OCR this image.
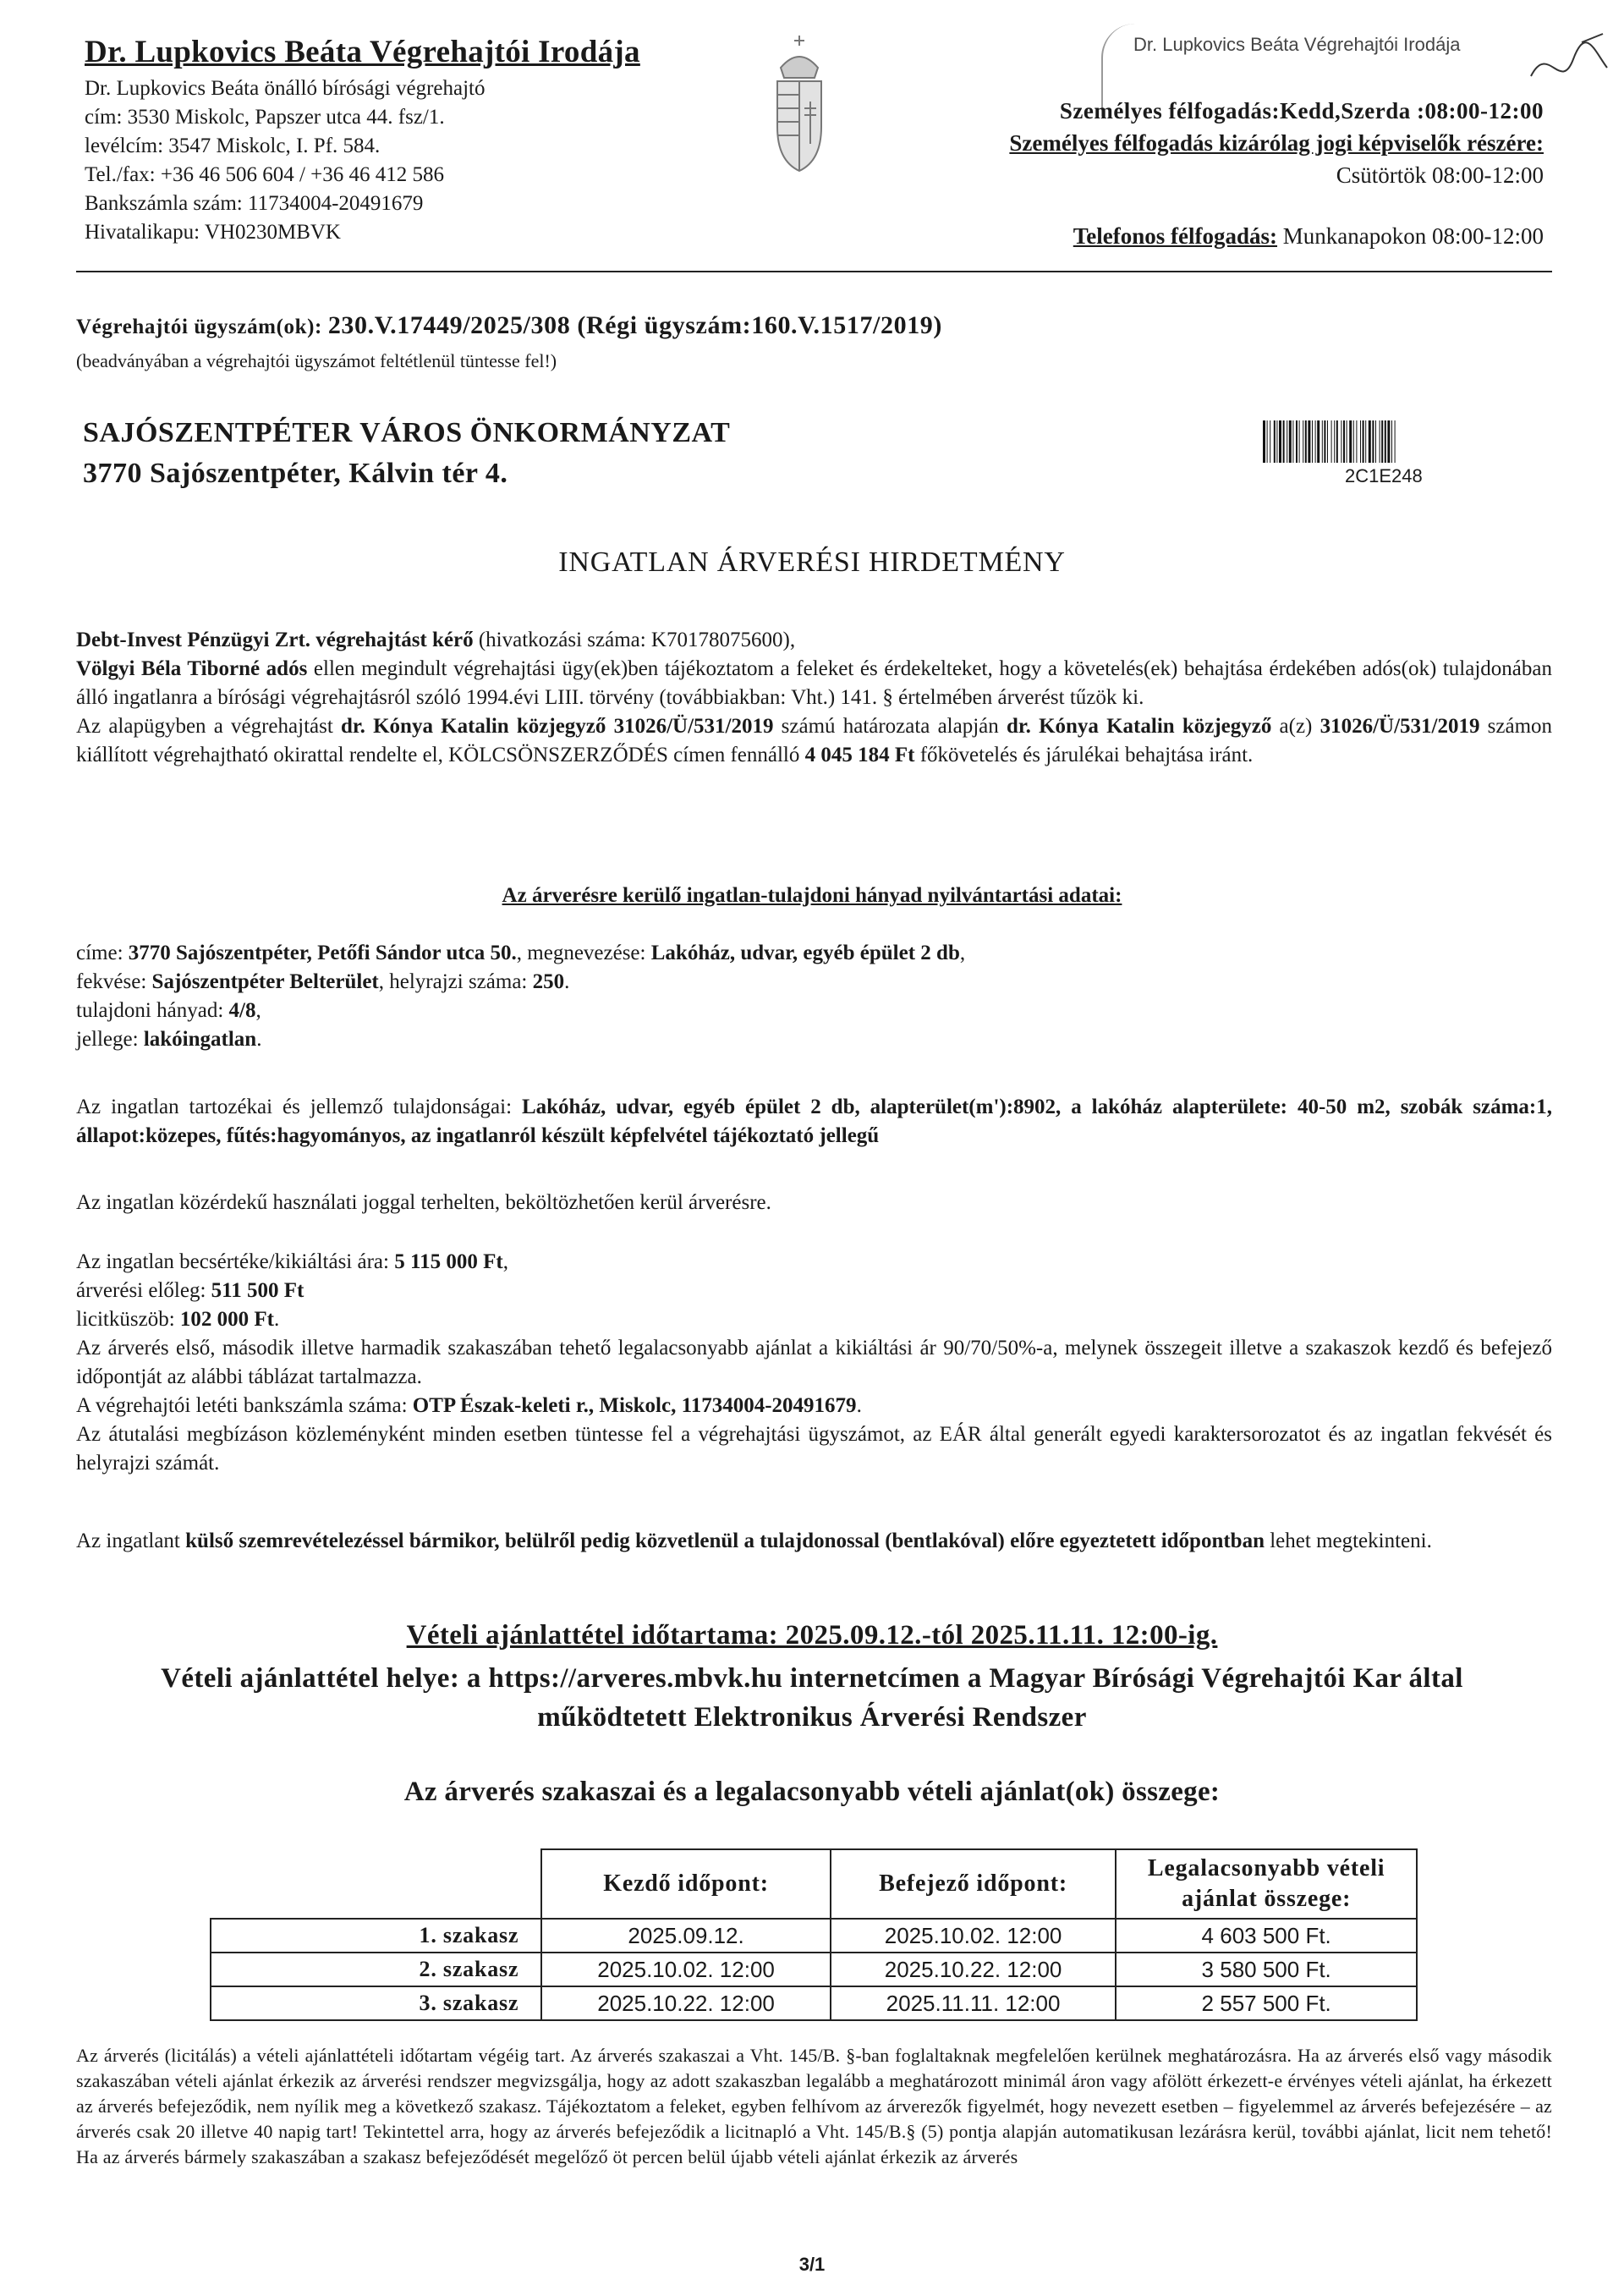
Dr. Lupkovics Beáta Végrehajtói Irodája
Dr. Lupkovics Beáta önálló bírósági végrehajtó
cím: 3530 Miskolc, Papszer utca 44. fsz/1.
levélcím: 3547 Miskolc, I. Pf. 584.
Tel./fax: +36 46 506 604 / +36 46 412 586
Bankszámla szám: 11734004-20491679
Hivatalikapu: VH0230MBVK
Dr. Lupkovics Beáta Végrehajtói Irodája
Személyes félfogadás:Kedd,Szerda :08:00-12:00
Személyes félfogadás kizárólag jogi képviselők részére:
Csütörtök 08:00-12:00
Telefonos félfogadás: Munkanapokon 08:00-12:00
Végrehajtói ügyszám(ok): 230.V.17449/2025/308 (Régi ügyszám:160.V.1517/2019)
(beadványában a végrehajtói ügyszámot feltétlenül tüntesse fel!)
SAJÓSZENTPÉTER VÁROS ÖNKORMÁNYZAT
3770 Sajószentpéter, Kálvin tér 4.	2C1E248
INGATLAN ÁRVERÉSI HIRDETMÉNY
Debt-Invest Pénzügyi Zrt. végrehajtást kérő (hivatkozási száma: K70178075600),
Völgyi Béla Tiborné adós ellen megindult végrehajtási ügy(ek)ben tájékoztatom a feleket és érdekelteket, hogy a követelés(ek) behajtása érdekében adós(ok) tulajdonában álló ingatlanra a bírósági végrehajtásról szóló 1994.évi LIII. törvény (továbbiakban: Vht.) 141. § értelmében árverést tűzök ki.
Az alapügyben a végrehajtást dr. Kónya Katalin közjegyző 31026/Ü/531/2019 számú határozata alapján dr. Kónya Katalin közjegyző a(z) 31026/Ü/531/2019 számon kiállított végrehajtható okirattal rendelte el, KÖLCSÖNSZERZŐDÉS címen fennálló 4 045 184 Ft főkövetelés és járulékai behajtása iránt.
Az árverésre kerülő ingatlan-tulajdoni hányad nyilvántartási adatai:
címe: 3770 Sajószentpéter, Petőfi Sándor utca 50., megnevezése: Lakóház, udvar, egyéb épület 2 db,
fekvése: Sajószentpéter Belterület, helyrajzi száma: 250.
tulajdoni hányad: 4/8,
jellege: lakóingatlan.
Az ingatlan tartozékai és jellemző tulajdonságai: Lakóház, udvar, egyéb épület 2 db, alapterület(m'):8902, a lakóház alapterülete: 40-50 m2, szobák száma:1, állapot:közepes, fűtés:hagyományos, az ingatlanról készült képfelvétel tájékoztató jellegű
Az ingatlan közérdekű használati joggal terhelten, beköltözhetően kerül árverésre.
Az ingatlan becsértéke/kikiáltási ára: 5 115 000 Ft,
árverési előleg: 511 500 Ft
licitküszöb: 102 000 Ft.
Az árverés első, második illetve harmadik szakaszában tehető legalacsonyabb ajánlat a kikiáltási ár 90/70/50%-a, melynek összegeit illetve a szakaszok kezdő és befejező időpontját az alábbi táblázat tartalmazza.
A végrehajtói letéti bankszámla száma: OTP Észak-keleti r., Miskolc, 11734004-20491679.
Az átutalási megbízáson közleményként minden esetben tüntesse fel a végrehajtási ügyszámot, az EÁR által generált egyedi karaktersorozatot és az ingatlan fekvését és helyrajzi számát.
Az ingatlant külső szemrevételezéssel bármikor, belülről pedig közvetlenül a tulajdonossal (bentlakóval) előre egyeztetett időpontban lehet megtekinteni.
Vételi ajánlattétel időtartama: 2025.09.12.-tól 2025.11.11. 12:00-ig.
Vételi ajánlattétel helye: a https://arveres.mbvk.hu internetcímen a Magyar Bírósági Végrehajtói Kar által működtetett Elektronikus Árverési Rendszer
Az árverés szakaszai és a legalacsonyabb vételi ajánlat(ok) összege:
	Kezdő időpont:	Befejező időpont:	Legalacsonyabb vételi ajánlat összege:
1. szakasz	2025.09.12.	2025.10.02. 12:00	4 603 500 Ft.
2. szakasz	2025.10.02. 12:00	2025.10.22. 12:00	3 580 500 Ft.
3. szakasz	2025.10.22. 12:00	2025.11.11. 12:00	2 557 500 Ft.
Az árverés (licitálás) a vételi ajánlattételi időtartam végéig tart. Az árverés szakaszai a Vht. 145/B. §-ban foglaltaknak megfelelően kerülnek meghatározásra. Ha az árverés első vagy második szakaszában vételi ajánlat érkezik az árverési rendszer megvizsgálja, hogy az adott szakaszban legalább a meghatározott minimál áron vagy afölött érkezett-e érvényes vételi ajánlat, ha érkezett az árverés befejeződik, nem nyílik meg a következő szakasz. Tájékoztatom a feleket, egyben felhívom az árverezők figyelmét, hogy nevezett esetben – figyelemmel az árverés befejezésére – az árverés csak 20 illetve 40 napig tart! Tekintettel arra, hogy az árverés befejeződik a licitnapló a Vht. 145/B.§ (5) pontja alapján automatikusan lezárásra kerül, további ajánlat, licit nem tehető! Ha az árverés bármely szakaszában a szakasz befejeződését megelőző öt percen belül újabb vételi ajánlat érkezik az árverés
3/1
